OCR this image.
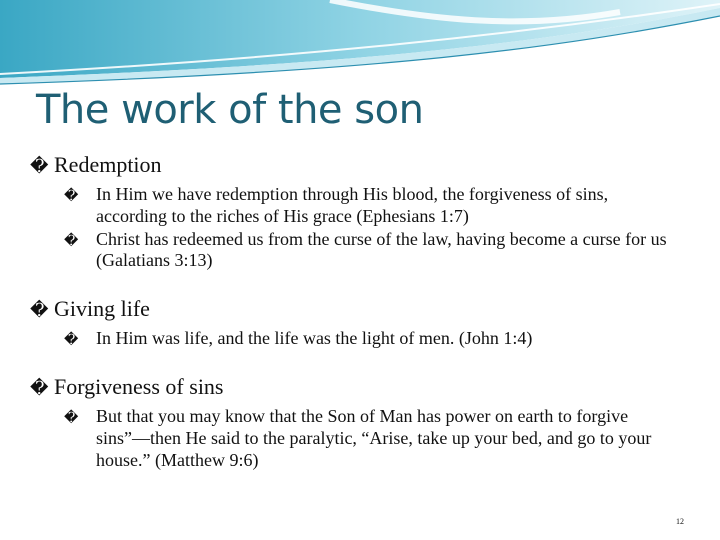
The work of the son
� Redemption
� In Him we have redemption through His blood, the forgiveness of sins, according to the riches of His grace (Ephesians 1:7)
� Christ has redeemed us from the curse of the law, having become a curse for us (Galatians 3:13)
� Giving life
� In Him was life, and the life was the light of men. (John 1:4)
� Forgiveness of sins
� But that you may know that the Son of Man has power on earth to forgive sins”—then He said to the paralytic, “Arise, take up your bed, and go to your house.” (Matthew 9:6)
12
